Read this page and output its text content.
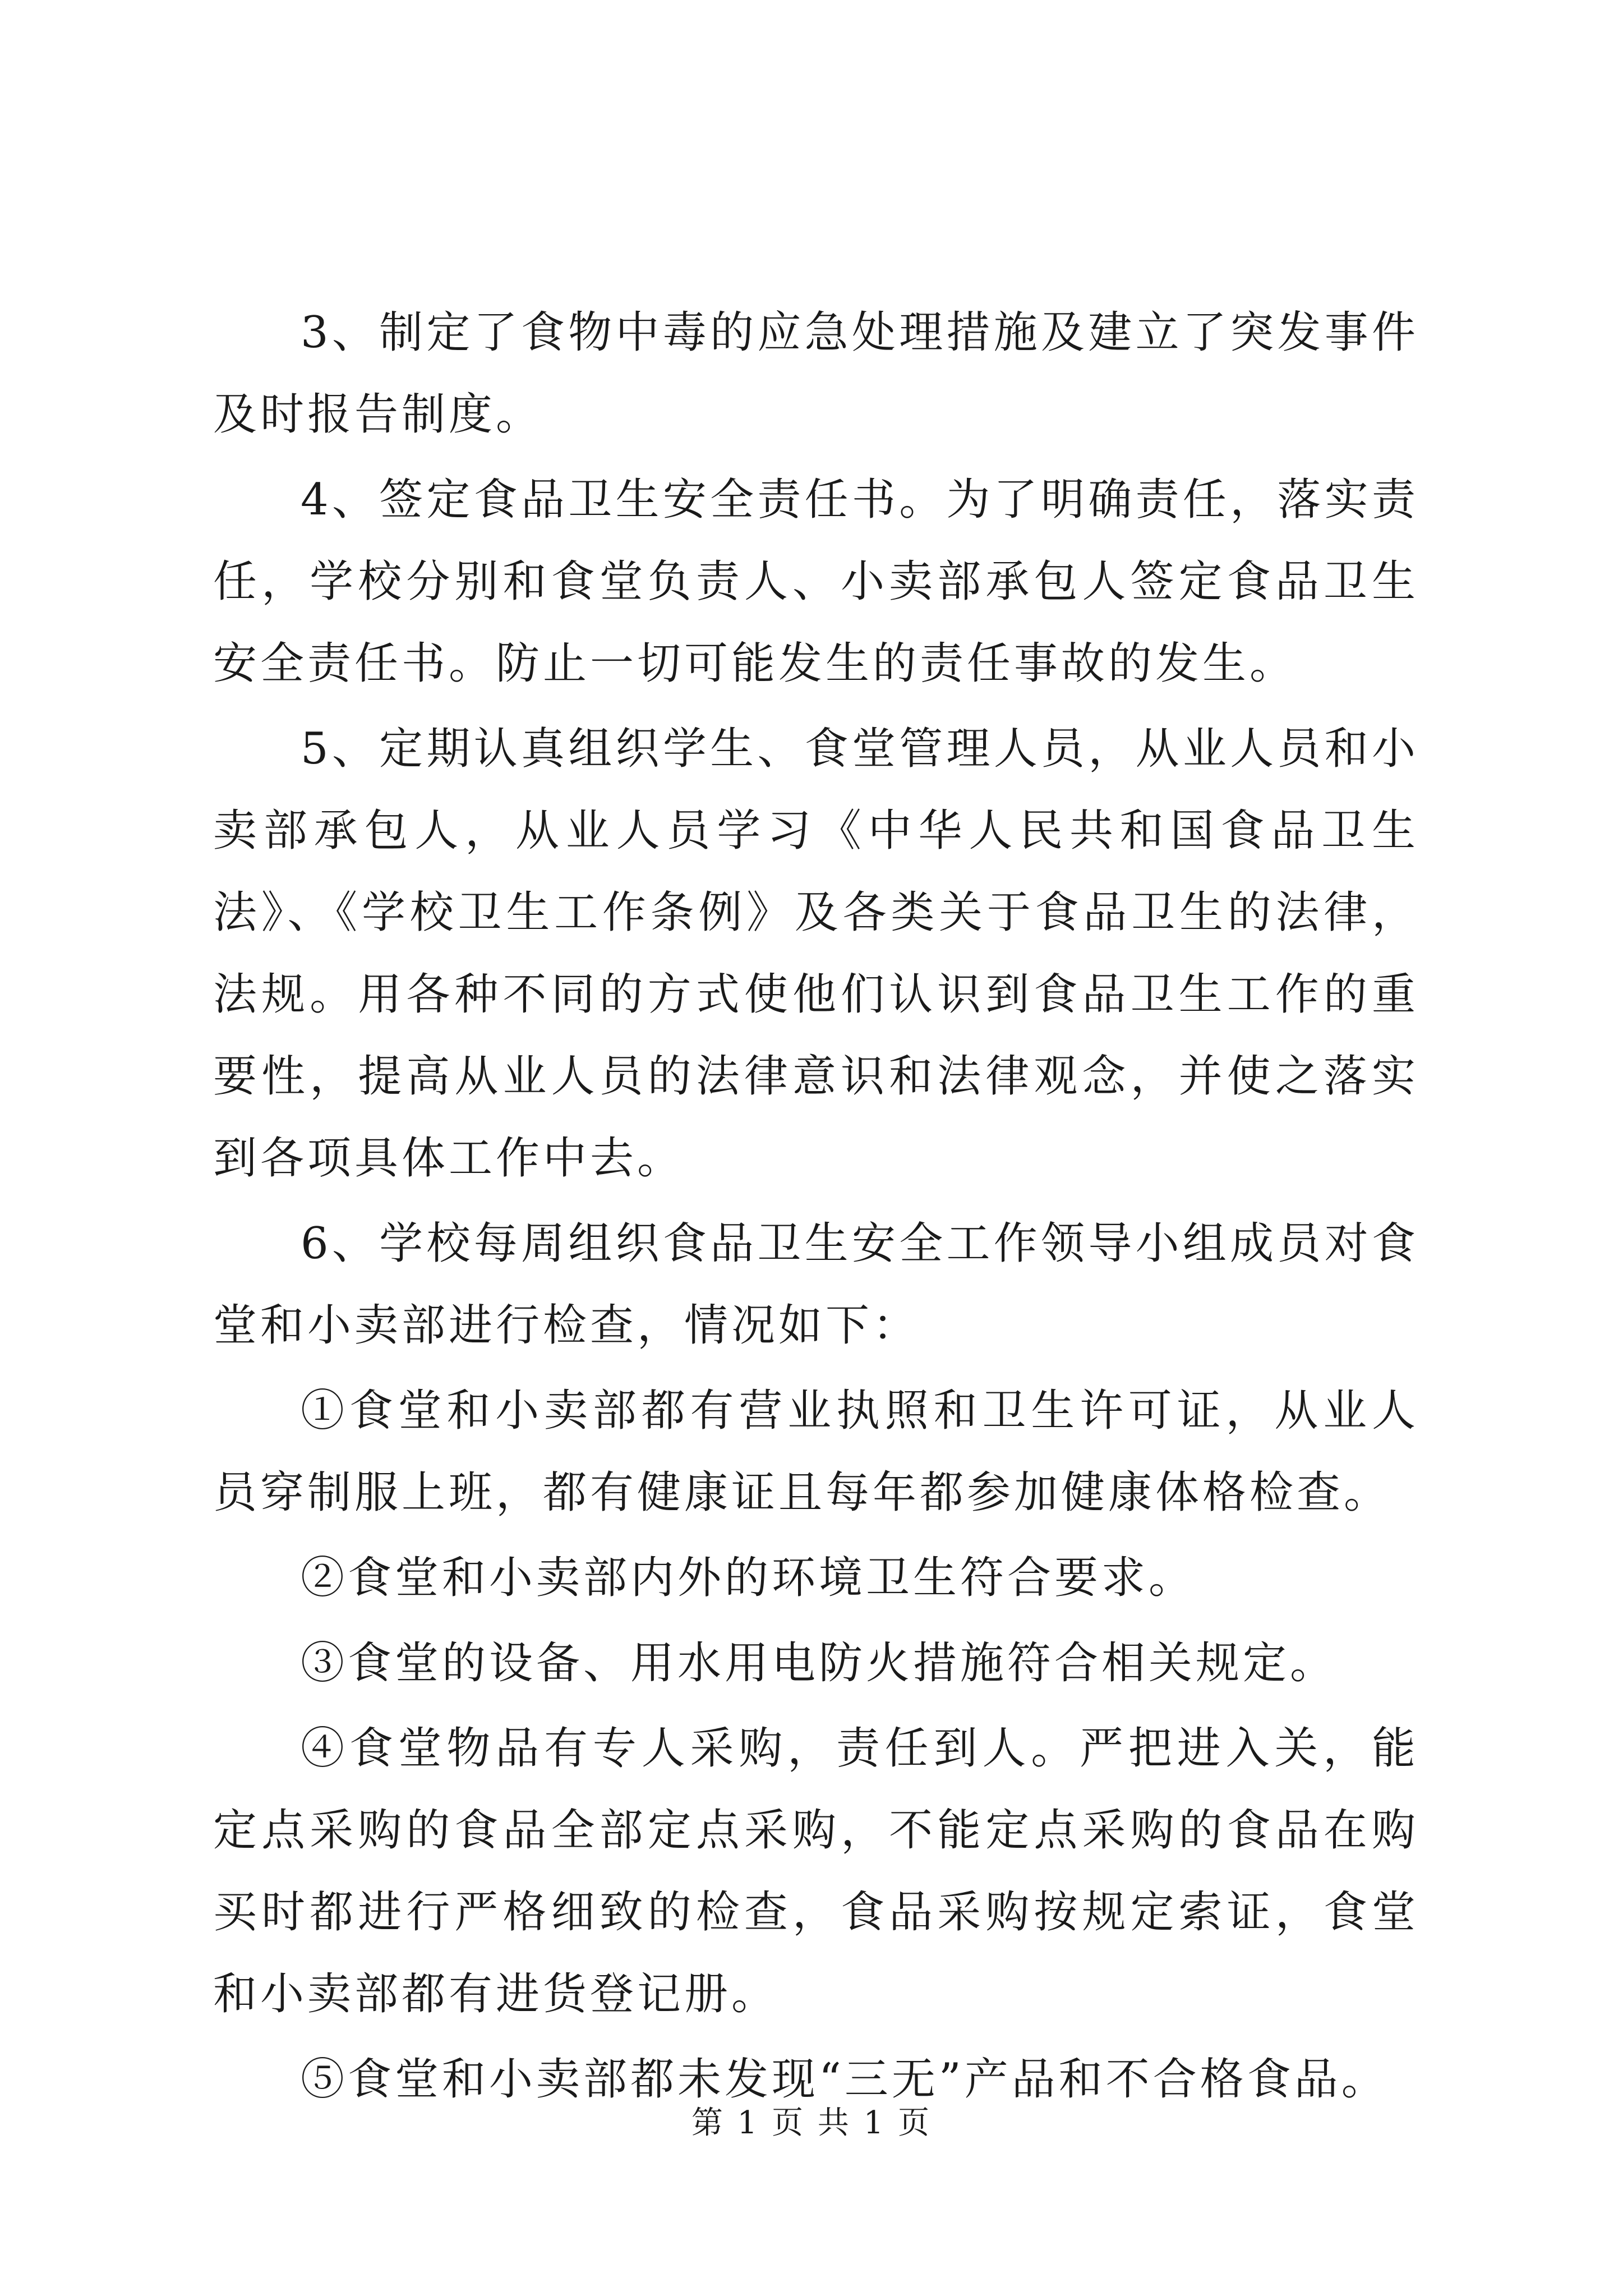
3、制定了食物中毒的应急处理措施及建立了突发事件及时报告制度。

4、签定食品卫生安全责任书。为了明确责任，落实责任，学校分别和食堂负责人、小卖部承包人签定食品卫生安全责任书。防止一切可能发生的责任事故的发生。

5、定期认真组织学生、食堂管理人员，从业人员和小卖部承包人，从业人员学习《中华人民共和国食品卫生法》、《学校卫生工作条例》及各类关于食品卫生的法律，法规。用各种不同的方式使他们认识到食品卫生工作的重要性，提高从业人员的法律意识和法律观念，并使之落实到各项具体工作中去。

6、学校每周组织食品卫生安全工作领导小组成员对食堂和小卖部进行检查，情况如下：

①食堂和小卖部都有营业执照和卫生许可证，从业人员穿制服上班，都有健康证且每年都参加健康体格检查。

②食堂和小卖部内外的环境卫生符合要求。

③食堂的设备、用水用电防火措施符合相关规定。

④食堂物品有专人采购，责任到人。严把进入关，能定点采购的食品全部定点采购，不能定点采购的食品在购买时都进行严格细致的检查，食品采购按规定索证，食堂和小卖部都有进货登记册。

⑤食堂和小卖部都未发现“三无”产品和不合格食品。

第 1 页 共 1 页
